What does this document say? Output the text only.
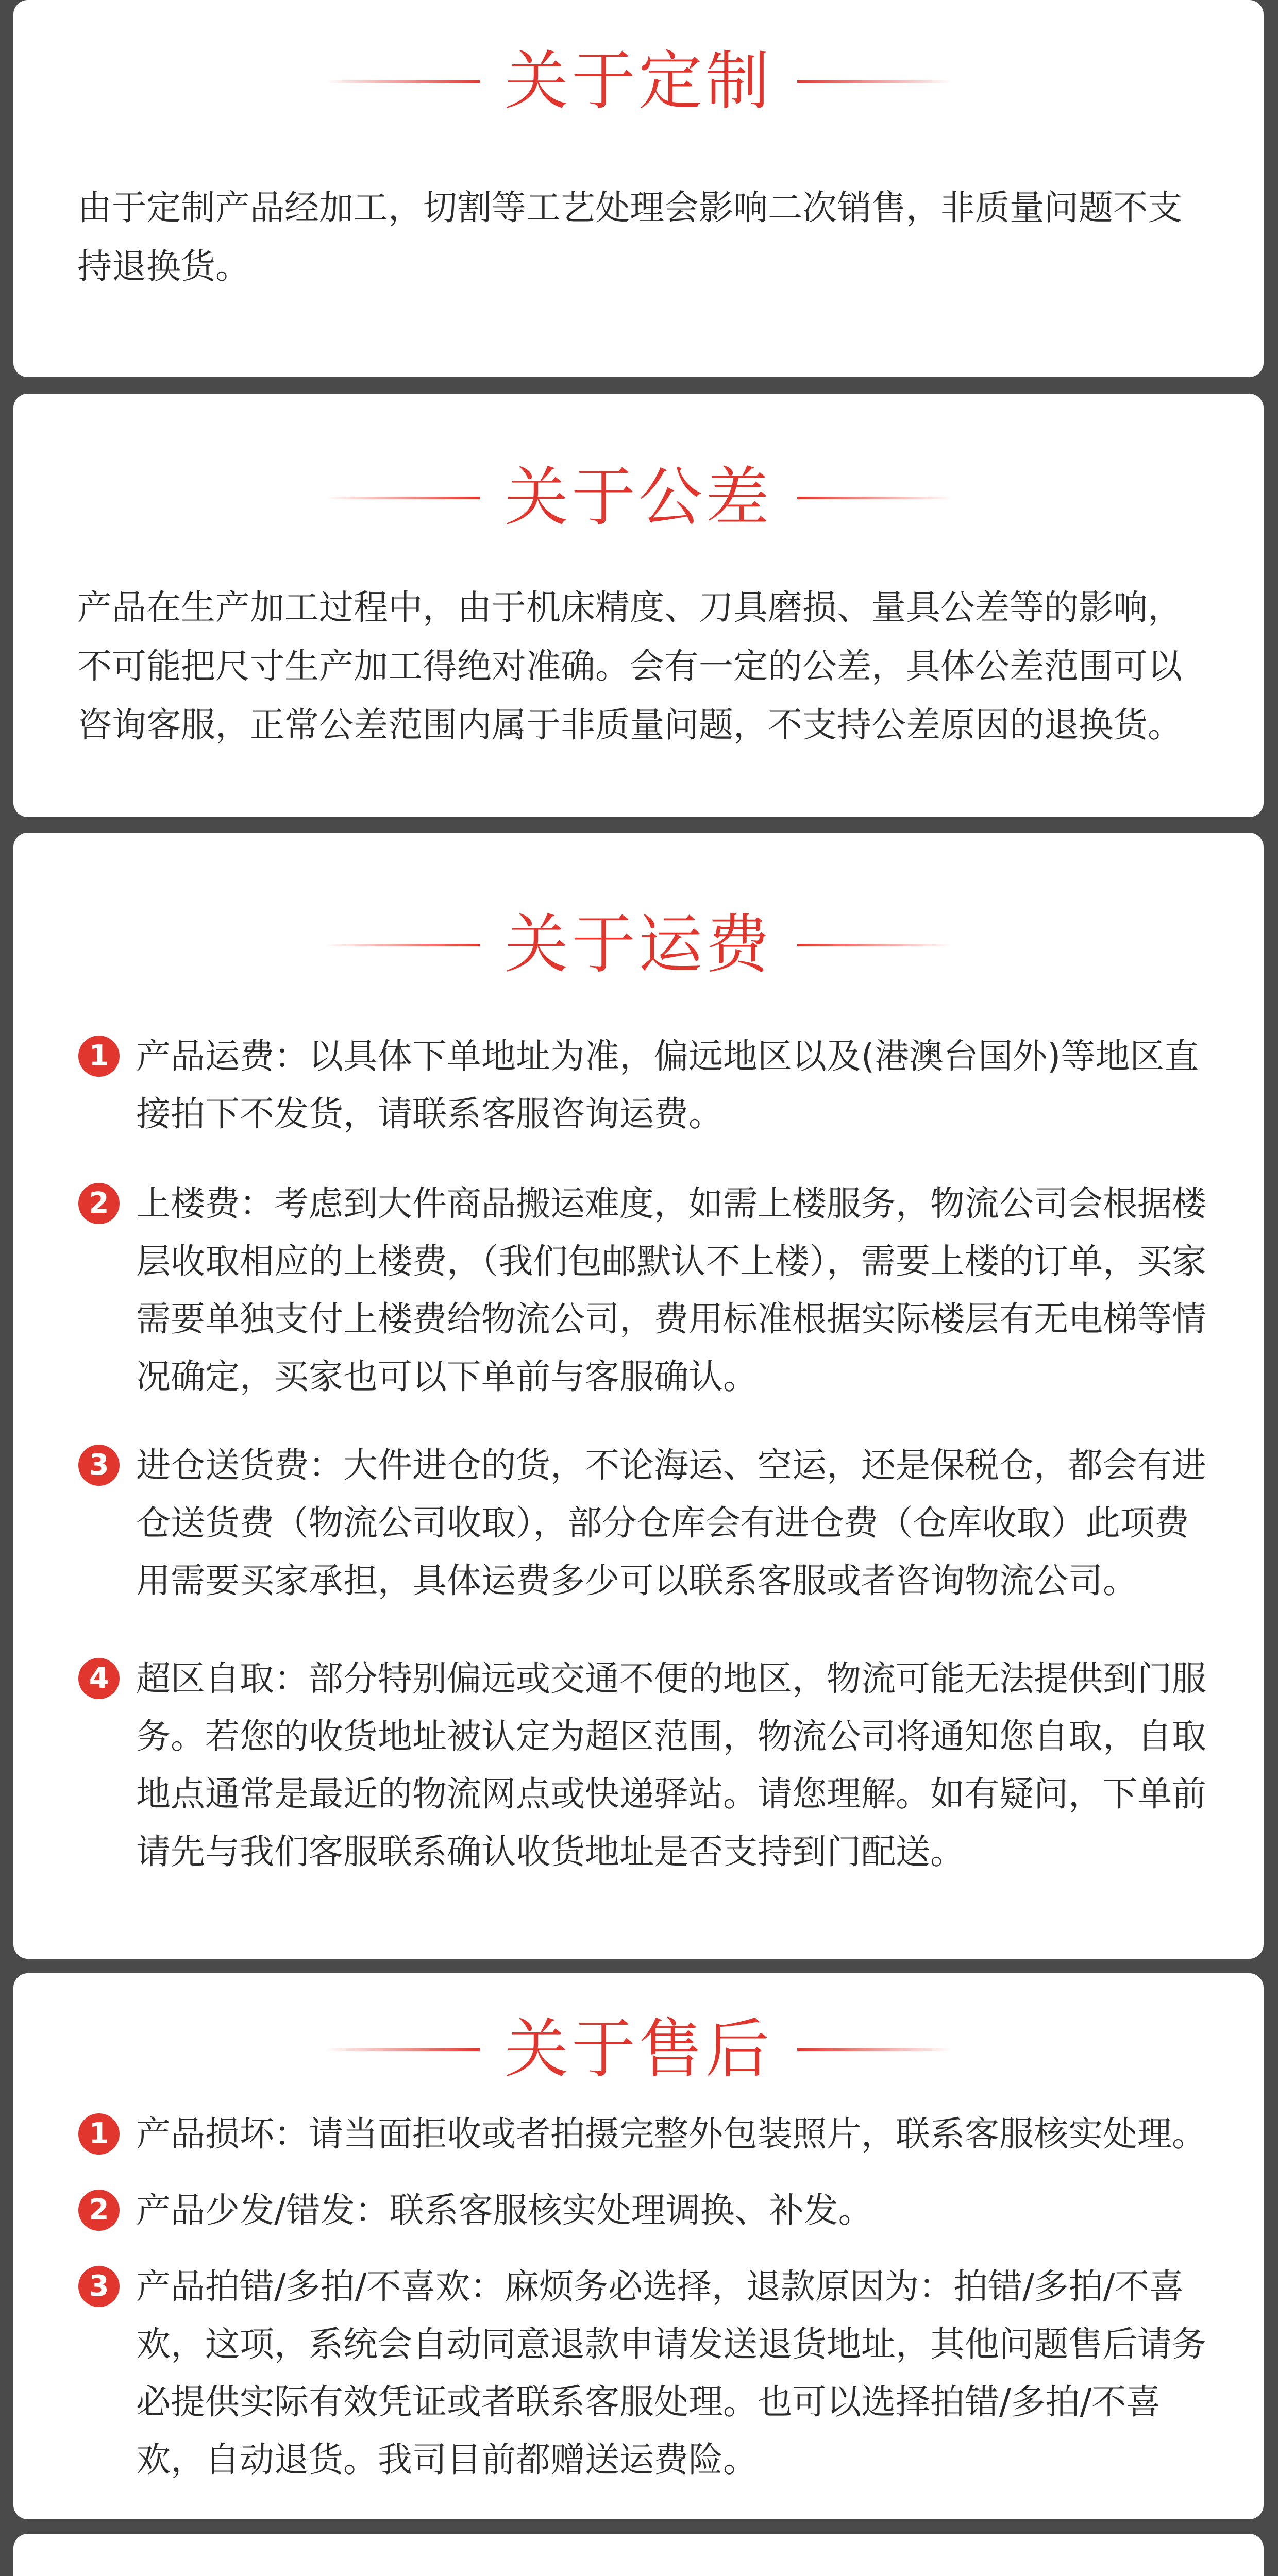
关于定制

由于定制产品经加工，切割等工艺处理会影响二次销售，非质量问题不支持退换货。

关于公差

产品在生产加工过程中，由于机床精度、刀具磨损、量具公差等的影响，不可能把尺寸生产加工得绝对准确。会有一定的公差，具体公差范围可以咨询客服，正常公差范围内属于非质量问题，不支持公差原因的退换货。

关于运费
1 产品运费：以具体下单地址为准，偏远地区以及(港澳台国外)等地区直接拍下不发货，请联系客服咨询运费。
2 上楼费：考虑到大件商品搬运难度，如需上楼服务，物流公司会根据楼层收取相应的上楼费，（我们包邮默认不上楼），需要上楼的订单，买家需要单独支付上楼费给物流公司，费用标准根据实际楼层有无电梯等情况确定，买家也可以下单前与客服确认。
3 进仓送货费：大件进仓的货，不论海运、空运，还是保税仓，都会有进仓送货费（物流公司收取），部分仓库会有进仓费（仓库收取）此项费用需要买家承担，具体运费多少可以联系客服或者咨询物流公司。
4 超区自取：部分特别偏远或交通不便的地区，物流可能无法提供到门服务。若您的收货地址被认定为超区范围，物流公司将通知您自取，自取地点通常是最近的物流网点或快递驿站。请您理解。如有疑问，下单前请先与我们客服联系确认收货地址是否支持到门配送。
关于售后
1 产品损坏：请当面拒收或者拍摄完整外包装照片，联系客服核实处理。
2 产品少发/错发：联系客服核实处理调换、补发。
3 产品拍错/多拍/不喜欢：麻烦务必选择，退款原因为：拍错/多拍/不喜欢，这项，系统会自动同意退款申请发送退货地址，其他问题售后请务必提供实际有效凭证或者联系客服处理。也可以选择拍错/多拍/不喜欢，自动退货。我司目前都赠送运费险。
